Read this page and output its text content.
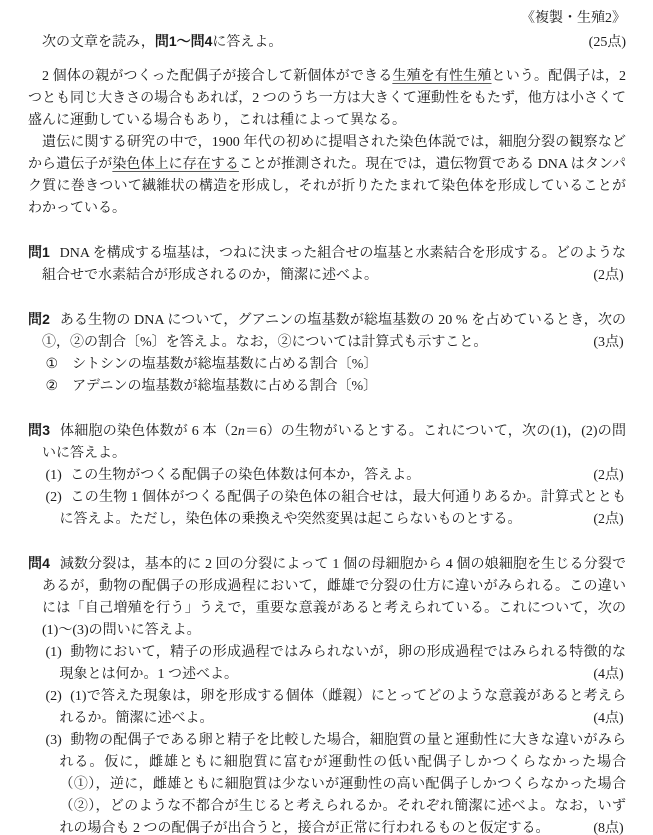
《複製・生殖2》
次の文章を読み，問1～問4に答えよ。	(25点)

2 個体の親がつくった配偶子が接合して新個体ができる生殖を有性生殖という。配偶子は，2 つとも同じ大きさの場合もあれば，2 つのうち一方は大きくて運動性をもたず，他方は小さくて盛んに運動している場合もあり，これは種によって異なる。

遺伝に関する研究の中で，1900 年代の初めに提唱された染色体説では，細胞分裂の観察などから遺伝子が染色体上に存在することが推測された。現在では，遺伝物質である DNA はタンパク質に巻きついて繊維状の構造を形成し，それが折りたたまれて染色体を形成していることがわかっている。

問1 DNA を構成する塩基は，つねに決まった組合せの塩基と水素結合を形成する。どのような組合せで水素結合が形成されるのか，簡潔に述べよ。	(2点)

問2 ある生物の DNA について，グアニンの塩基数が総塩基数の 20 % を占めているとき，次の①，②の割合〔%〕を答えよ。なお，②については計算式も示すこと。	(3点)

① シトシンの塩基数が総塩基数に占める割合〔%〕

② アデニンの塩基数が総塩基数に占める割合〔%〕

問3 体細胞の染色体数が 6 本（2n＝6）の生物がいるとする。これについて，次の(1)，(2)の問いに答えよ。

(1) この生物がつくる配偶子の染色体数は何本か，答えよ。	(2点)

(2) この生物 1 個体がつくる配偶子の染色体の組合せは，最大何通りあるか。計算式とともに答えよ。ただし，染色体の乗換えや突然変異は起こらないものとする。	(2点)

問4 減数分裂は，基本的に 2 回の分裂によって 1 個の母細胞から 4 個の娘細胞を生じる分裂であるが，動物の配偶子の形成過程において，雌雄で分裂の仕方に違いがみられる。この違いには「自己増殖を行う」うえで，重要な意義があると考えられている。これについて，次の(1)～(3)の問いに答えよ。

(1) 動物において，精子の形成過程ではみられないが，卵の形成過程ではみられる特徴的な現象とは何か。1 つ述べよ。	(4点)

(2) (1)で答えた現象は，卵を形成する個体（雌親）にとってどのような意義があると考えられるか。簡潔に述べよ。	(4点)

(3) 動物の配偶子である卵と精子を比較した場合，細胞質の量と運動性に大きな違いがみられる。仮に，雌雄ともに細胞質に富むが運動性の低い配偶子しかつくらなかった場合（①），逆に，雌雄ともに細胞質は少ないが運動性の高い配偶子しかつくらなかった場合（②），どのような不都合が生じると考えられるか。それぞれ簡潔に述べよ。なお，いずれの場合も 2 つの配偶子が出合うと，接合が正常に行われるものと仮定する。	(8点)
